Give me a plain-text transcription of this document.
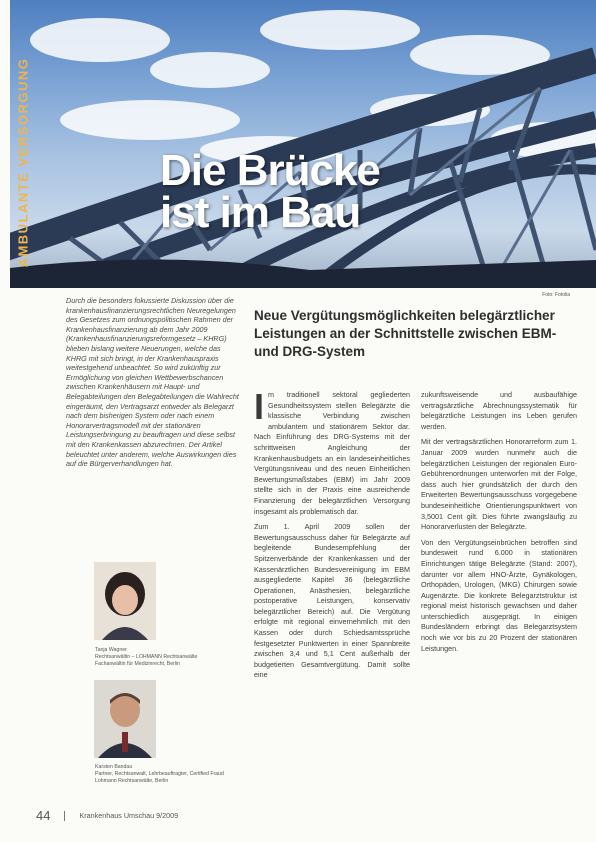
Die Brücke
ist im Bau
AMBULANTE VERSORGUNG
Foto: Fotolia
Durch die besonders fokussierte Diskussion über die krankenhausfinanzierungsrechtlichen Neuregelungen des Gesetzes zum ordnungspolitischen Rahmen der Krankenhausfinanzierung ab dem Jahr 2009 (Krankenhausfinanzierungsreformgesetz – KHRG) blieben bislang weitere Neuerungen, welche das KHRG mit sich bringt, in der Krankenhauspraxis weitestgehend unbeachtet. So wird zukünftig zur Ermöglichung von gleichen Wettbewerbschancen zwischen Krankenhäusern mit Haupt- und Belegabteilungen den Belegabteilungen die Wahlrecht eingeräumt, den Vertragsarzt entweder als Belegarzt nach dem bisherigen System oder nach einem Honorarvertragsmodell mit der stationären Leistungserbringung zu beauftragen und diese selbst mit den Krankenkassen abzurechnen. Der Artikel beleuchtet unter anderem, welche Auswirkungen dies auf die Bürgerverhandlungen hat.
Tanja Wagner
Rechtsanwältin – LOHMANN Rechtsanwälte
Fachanwältin für Medizinrecht, Berlin
Karsten Bandau
Partner, Rechtsanwalt, Lehrbeauftragter, Certified Fraud
Lohmann Rechtsanwälte, Berlin
Neue Vergütungsmöglichkeiten belegärztlicher Leistungen an der Schnittstelle zwischen EBM- und DRG-System

Im traditionell sektoral gegliederten Gesundheitssystem stellen Belegärzte die klassische Verbindung zwischen ambulantem und stationärem Sektor dar. Nach Einführung des DRG-Systems mit der schrittweisen Angleichung der Krankenhausbudgets an ein landeseinheitliches Vergütungsniveau und des neuen Einheitlichen Bewertungsmaßstabes (EBM) im Jahr 2009 stellte sich in der Praxis eine ausreichende Finanzierung der belegärztlichen Versorgung insgesamt als problematisch dar.

Zum 1. April 2009 sollen der Bewertungsausschuss daher für Belegärzte auf begleitende Bundesempfehlung der Spitzenverbände der Krankenkassen und der Kassenärztlichen Bundesvereinigung im EBM ausgegliederte Kapitel 36 (belegärztliche Operationen, Anästhesien, belegärztliche postoperative Leistungen, konservativ belegärztlicher Bereich) auf. Die Vergütung erfolgte mit regional einvernehmlich mit den Kassen oder durch Schiedsamtssprüche festgesetzter Punktwerten in einer Spannbreite zwischen 3,4 und 5,1 Cent außerhalb der budgetierten Gesamtvergütung. Damit sollte eine

zukunftsweisende und ausbaufähige vertragsärztliche Abrechnungssystematik für belegärztliche Leistungen ins Leben gerufen werden.

Mit der vertragsärztlichen Honorarreform zum 1. Januar 2009 wurden nunmehr auch die belegärztlichen Leistungen der regionalen Euro-Gebührenordnungen unterworfen mit der Folge, dass auch hier grundsätzlich der durch den Erweiterten Bewertungsausschuss vorgegebene bundeseinheitliche Orientierungspunktwert von 3,5001 Cent gilt. Dies führte zwangsläufig zu Honorarverlusten der Belegärzte.

Von den Vergütungseinbrüchen betroffen sind bundesweit rund 6.000 in stationären Einrichtungen tätige Belegärzte (Stand: 2007), darunter vor allem HNO-Ärzte, Gynäkologen, Orthopäden, Urologen, (MKG) Chirurgen sowie Augenärzte. Die konkrete Belegarztstruktur ist regional meist historisch gewachsen und daher unterschiedlich ausgeprägt. In einigen Bundesländern erbringt das Belegarztsystem noch wie vor bis zu 20 Prozent der stationären Leistungen.

44	Krankenhaus Umschau 9/2009
